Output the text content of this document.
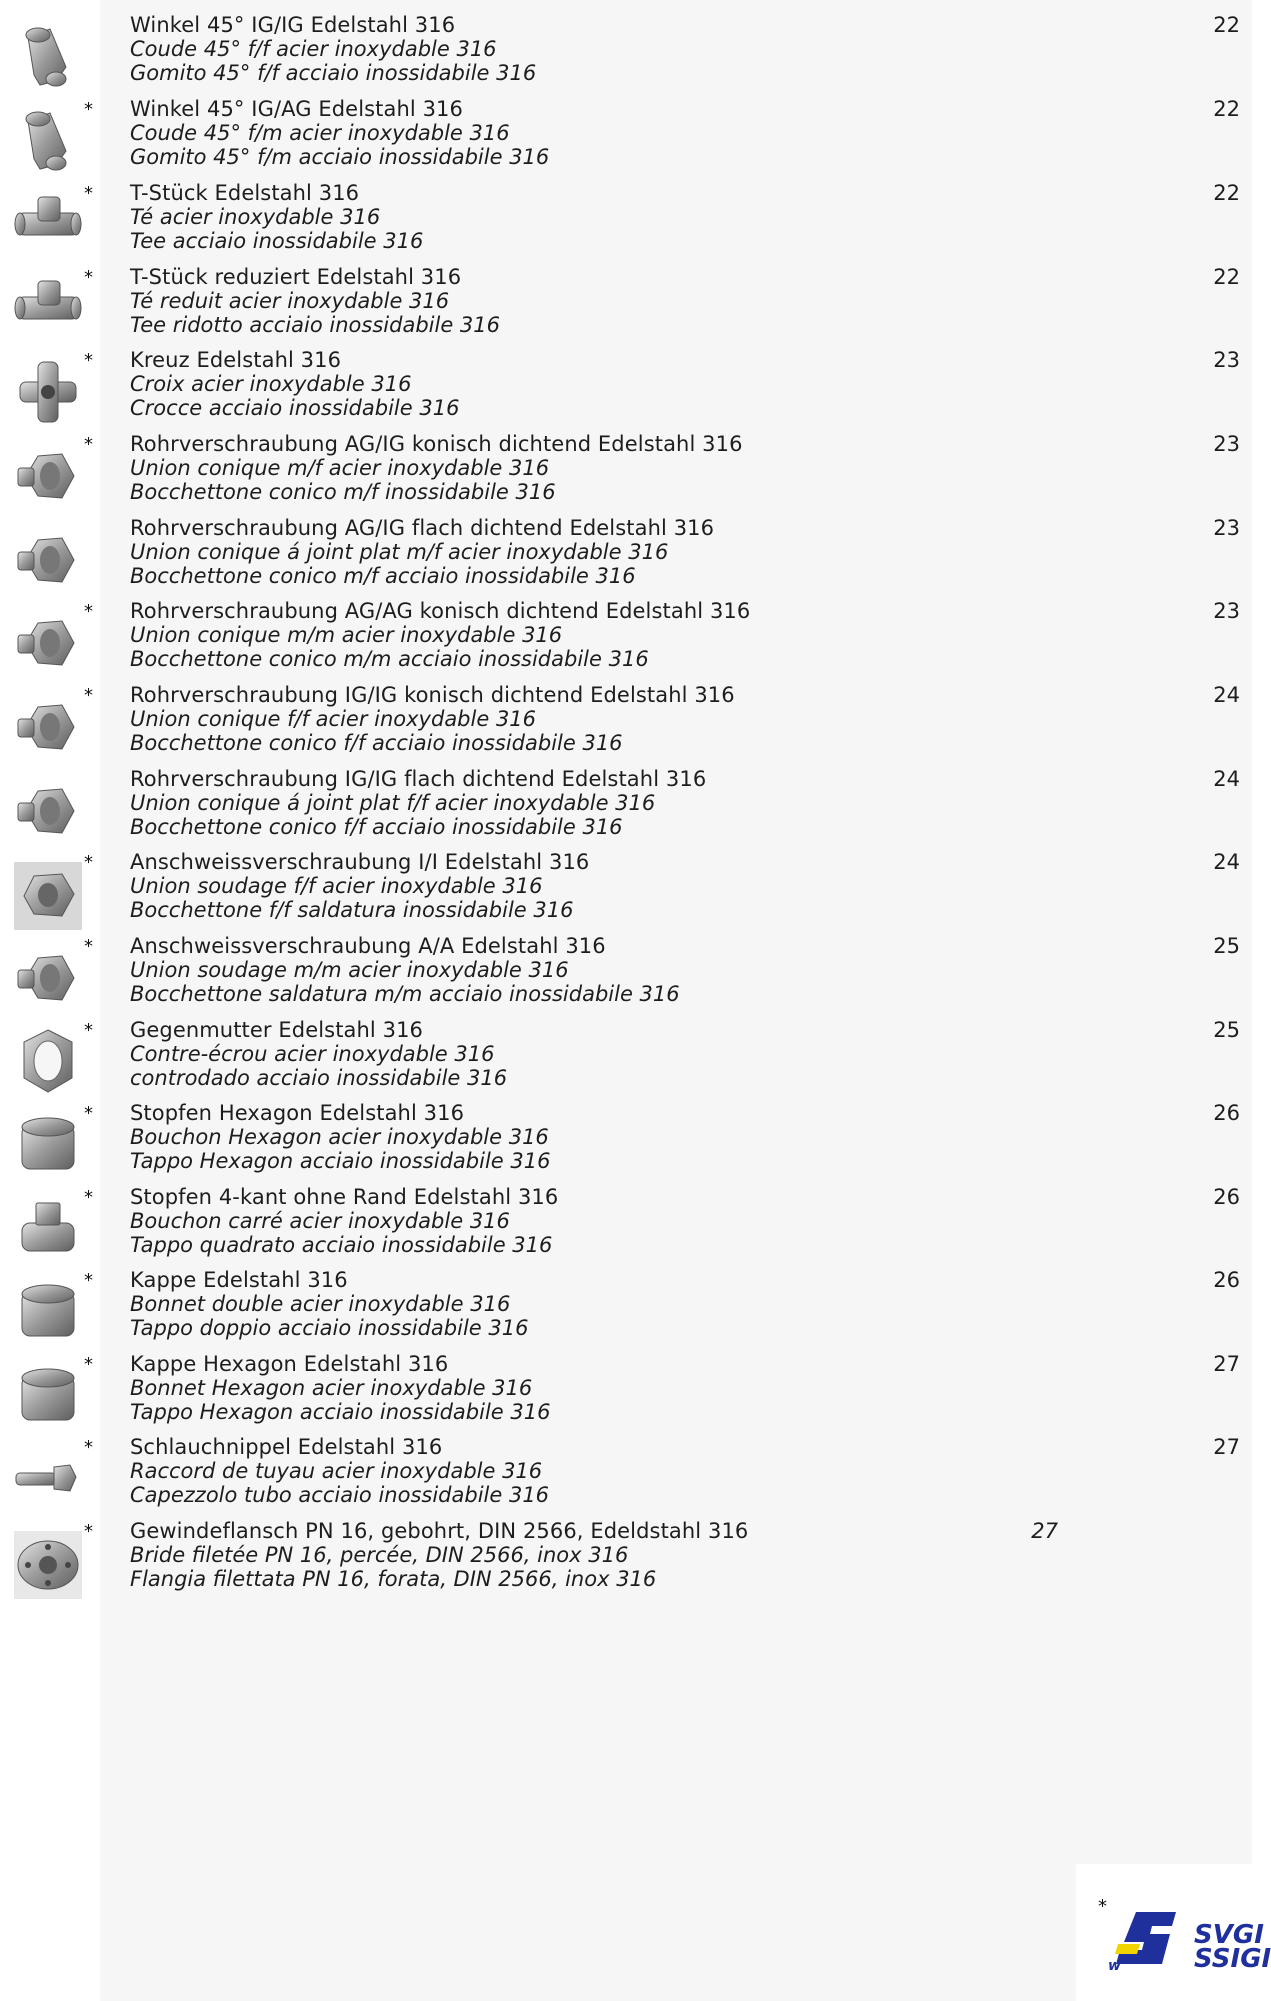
Winkel 45° IG/IG Edelstahl 316
Coude 45° f/f acier inoxydable 316
Gomito 45° f/f acciaio inossidabile 316
22
* Winkel 45° IG/AG Edelstahl 316
Coude 45° f/m acier inoxydable 316
Gomito 45° f/m acciaio inossidabile 316
22
* T-Stück Edelstahl 316
Té acier inoxydable 316
Tee acciaio inossidabile 316
22
* T-Stück reduziert Edelstahl 316
Té reduit acier inoxydable 316
Tee ridotto acciaio inossidabile 316
22
* Kreuz Edelstahl 316
Croix acier inoxydable 316
Crocce acciaio inossidabile 316
23
* Rohrverschraubung AG/IG konisch dichtend Edelstahl 316
Union conique m/f acier inoxydable 316
Bocchettone conico m/f inossidabile 316
23
Rohrverschraubung AG/IG flach dichtend Edelstahl 316
Union conique á joint plat m/f acier inoxydable 316
Bocchettone conico m/f acciaio inossidabile 316
23
* Rohrverschraubung AG/AG konisch dichtend Edelstahl 316
Union conique m/m acier inoxydable 316
Bocchettone conico m/m acciaio inossidabile 316
23
* Rohrverschraubung IG/IG konisch dichtend Edelstahl 316
Union conique f/f acier inoxydable 316
Bocchettone conico f/f acciaio inossidabile 316
24
Rohrverschraubung IG/IG flach dichtend Edelstahl 316
Union conique á joint plat f/f acier inoxydable 316
Bocchettone conico f/f acciaio inossidabile 316
24
* Anschweissverschraubung I/I Edelstahl 316
Union soudage f/f acier inoxydable 316
Bocchettone f/f saldatura inossidabile 316
24
* Anschweissverschraubung A/A Edelstahl 316
Union soudage m/m acier inoxydable 316
Bocchettone saldatura m/m acciaio inossidabile 316
25
* Gegenmutter Edelstahl 316
Contre-écrou acier inoxydable 316
controdado acciaio inossidabile 316
25
* Stopfen Hexagon Edelstahl 316
Bouchon Hexagon acier inoxydable 316
Tappo Hexagon acciaio inossidabile 316
26
* Stopfen 4-kant ohne Rand Edelstahl 316
Bouchon carré acier inoxydable 316
Tappo quadrato acciaio inossidabile 316
26
* Kappe Edelstahl 316
Bonnet double acier inoxydable 316
Tappo doppio acciaio inossidabile 316
26
* Kappe Hexagon Edelstahl 316
Bonnet Hexagon acier inoxydable 316
Tappo Hexagon acciaio inossidabile 316
27
* Schlauchnippel Edelstahl 316
Raccord de tuyau acier inoxydable 316
Capezzolo tubo acciaio inossidabile 316
27
* Gewindeflansch PN 16, gebohrt, DIN 2566, Edeldstahl 316
Bride filetée PN 16, percée, DIN 2566, inox 316
Flangia filettata PN 16, forata, DIN 2566, inox 316
27
*
w
SVGI
SSIGI
